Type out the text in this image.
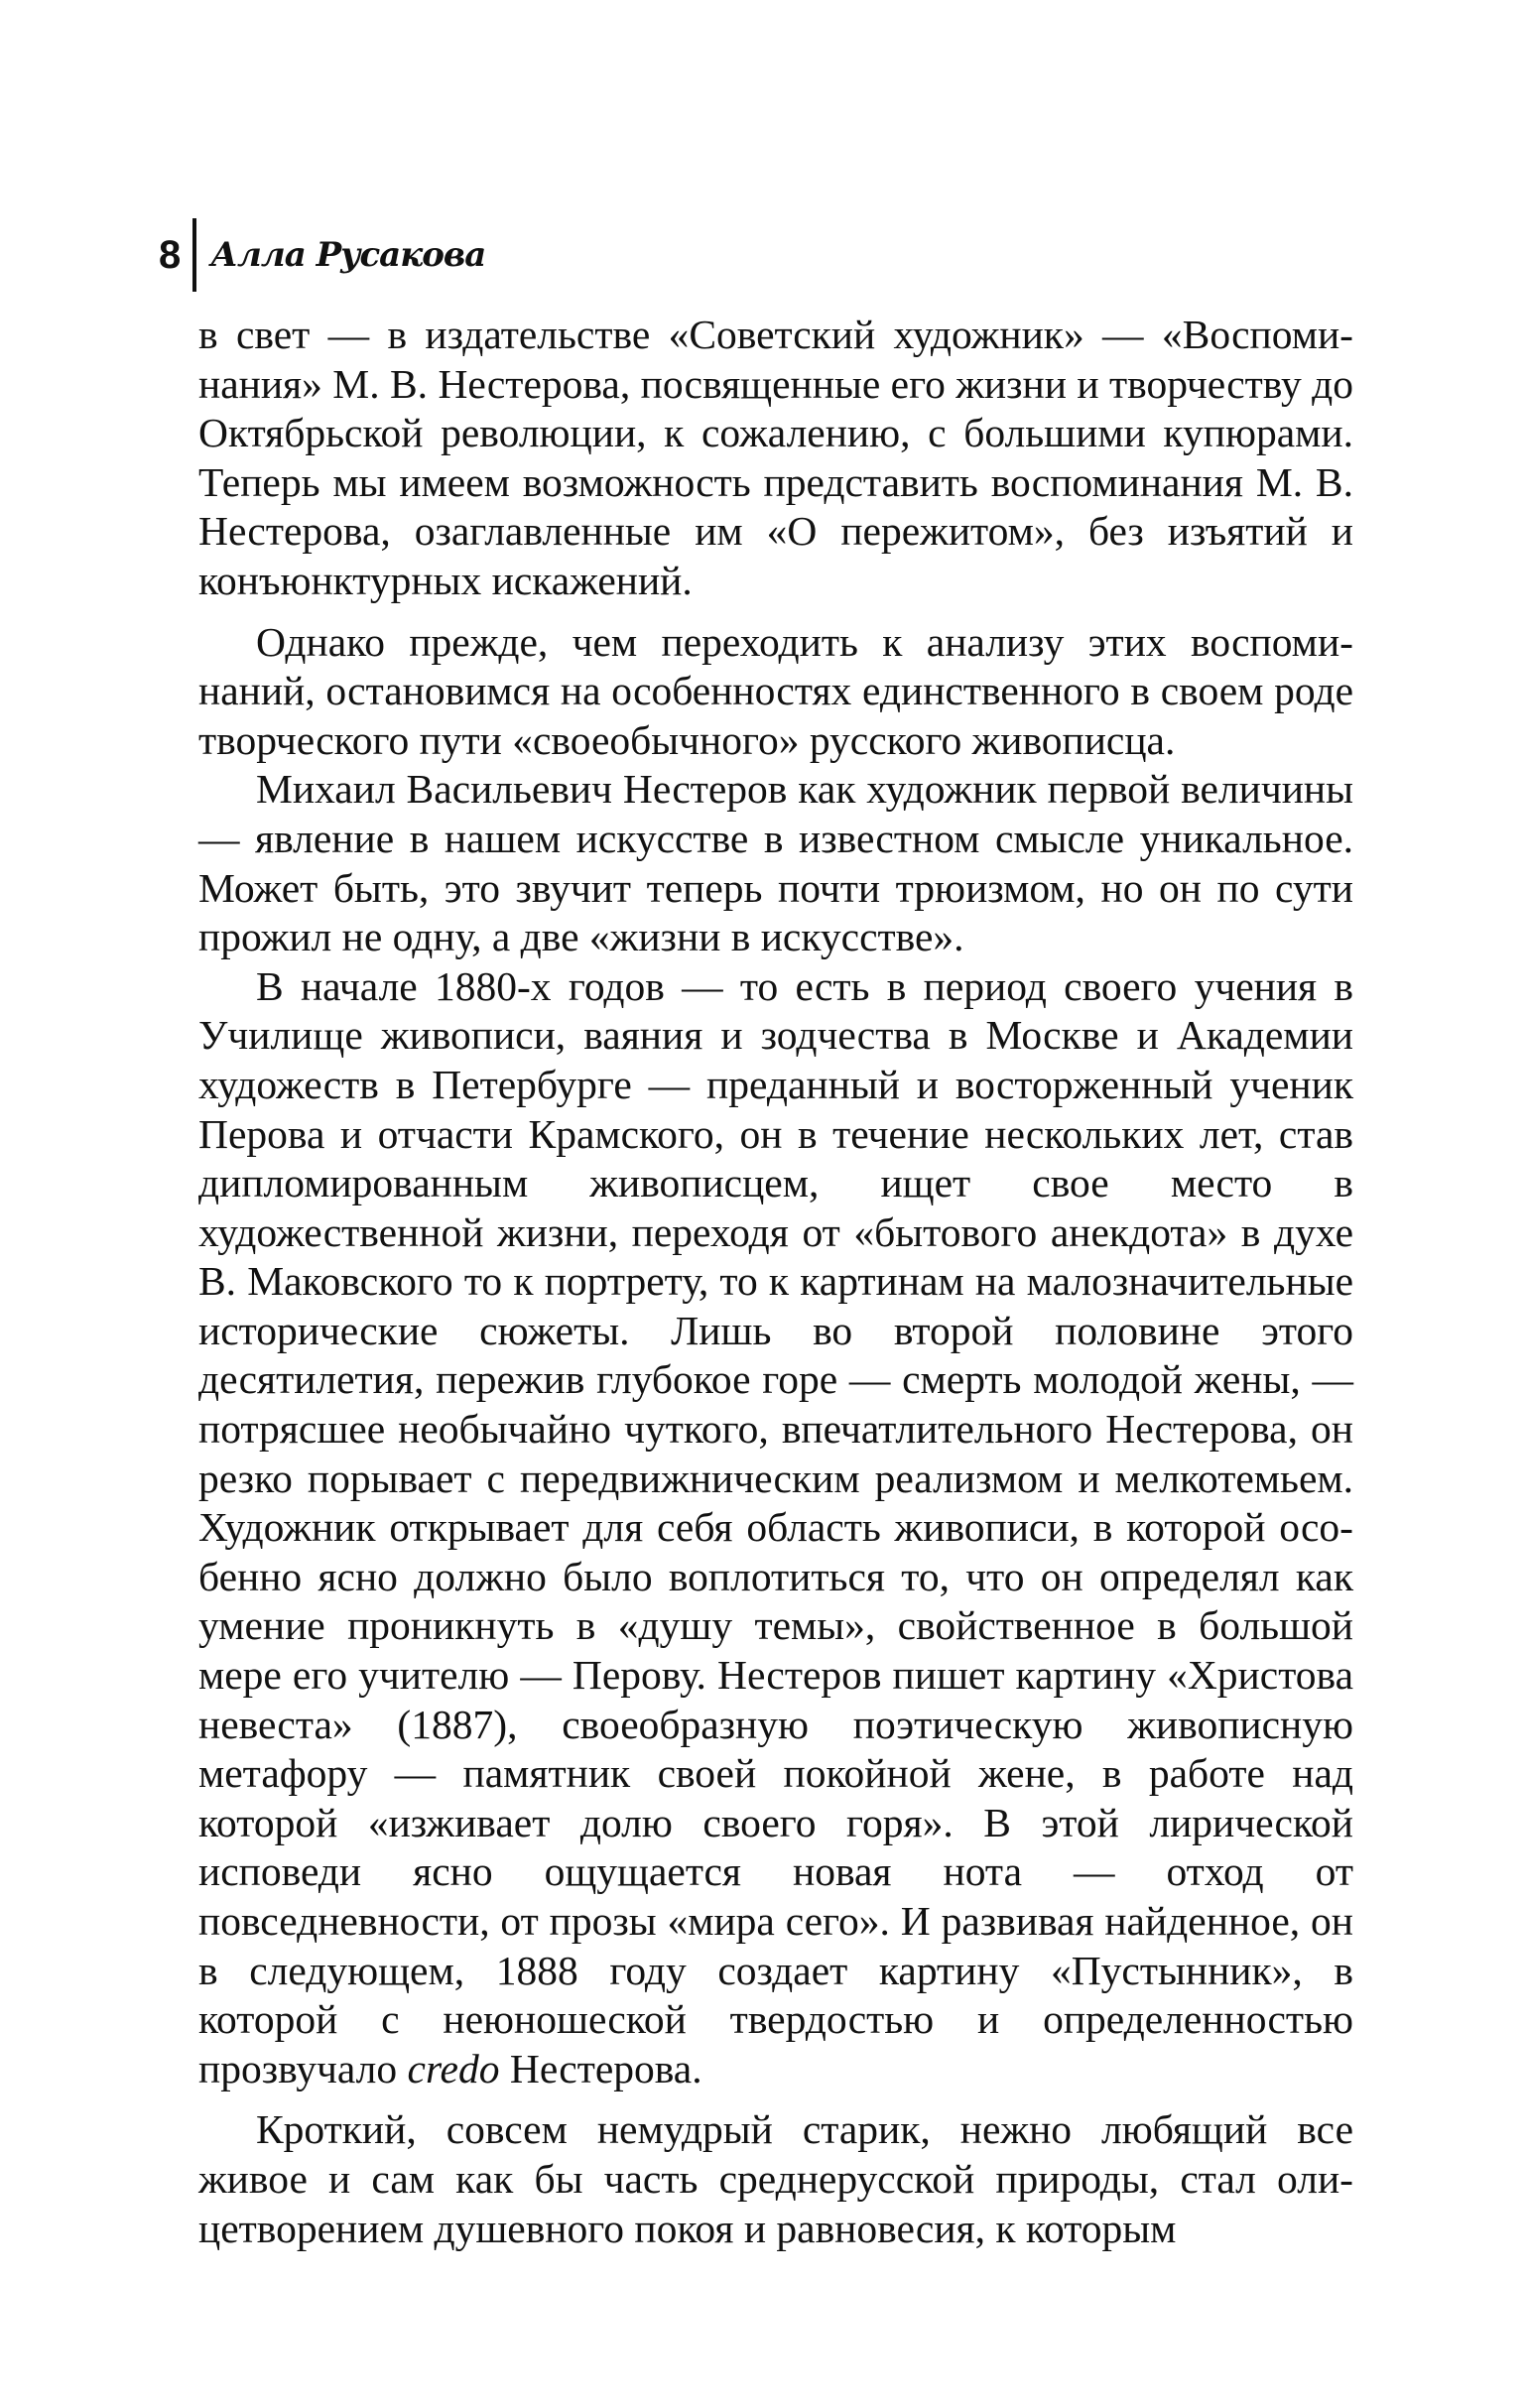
8 Алла Русакова

в свет — в издательстве «Советский художник» — «Воспоминания» М. В. Нестерова, посвященные его жизни и творчеству до Октябрьской революции, к сожалению, с большими купюрами. Теперь мы имеем возможность представить воспоминания М. В. Нестерова, озаглавленные им «О пережитом», без изъятий и конъюнктурных искажений.

Однако прежде, чем переходить к анализу этих воспоминаний, остановимся на особенностях единственного в своем роде творческого пути «своеобычного» русского живописца.

Михаил Васильевич Нестеров как художник первой величины — явление в нашем искусстве в известном смысле уникальное. Может быть, это звучит теперь почти трюизмом, но он по сути прожил не одну, а две «жизни в искусстве».

В начале 1880-х годов — то есть в период своего учения в Училище живописи, ваяния и зодчества в Москве и Академии художеств в Петербурге — преданный и восторженный ученик Перова и отчасти Крамского, он в течение нескольких лет, став дипломированным живописцем, ищет свое место в художественной жизни, переходя от «бытового анекдота» в духе В. Маковского то к портрету, то к картинам на малозначительные исторические сюжеты. Лишь во второй половине этого десятилетия, пережив глубокое горе — смерть молодой жены, — потрясшее необычайно чуткого, впечатлительного Нестерова, он резко порывает с передвижническим реализмом и мелкотемьем. Художник открывает для себя область живописи, в которой особенно ясно должно было воплотиться то, что он определял как умение проникнуть в «душу темы», свойственное в большой мере его учителю — Перову. Нестеров пишет картину «Христова невеста» (1887), своеобразную поэтическую живописную метафору — памятник своей покойной жене, в работе над которой «изживает долю своего горя». В этой лирической исповеди ясно ощущается новая нота — отход от повседневности, от прозы «мира сего». И развивая найденное, он в следующем, 1888 году создает картину «Пустынник», в которой с неюношеской твердостью и определенностью прозвучало credo Нестерова.

Кроткий, совсем немудрый старик, нежно любящий все живое и сам как бы часть среднерусской природы, стал олицетворением душевного покоя и равновесия, к которым
